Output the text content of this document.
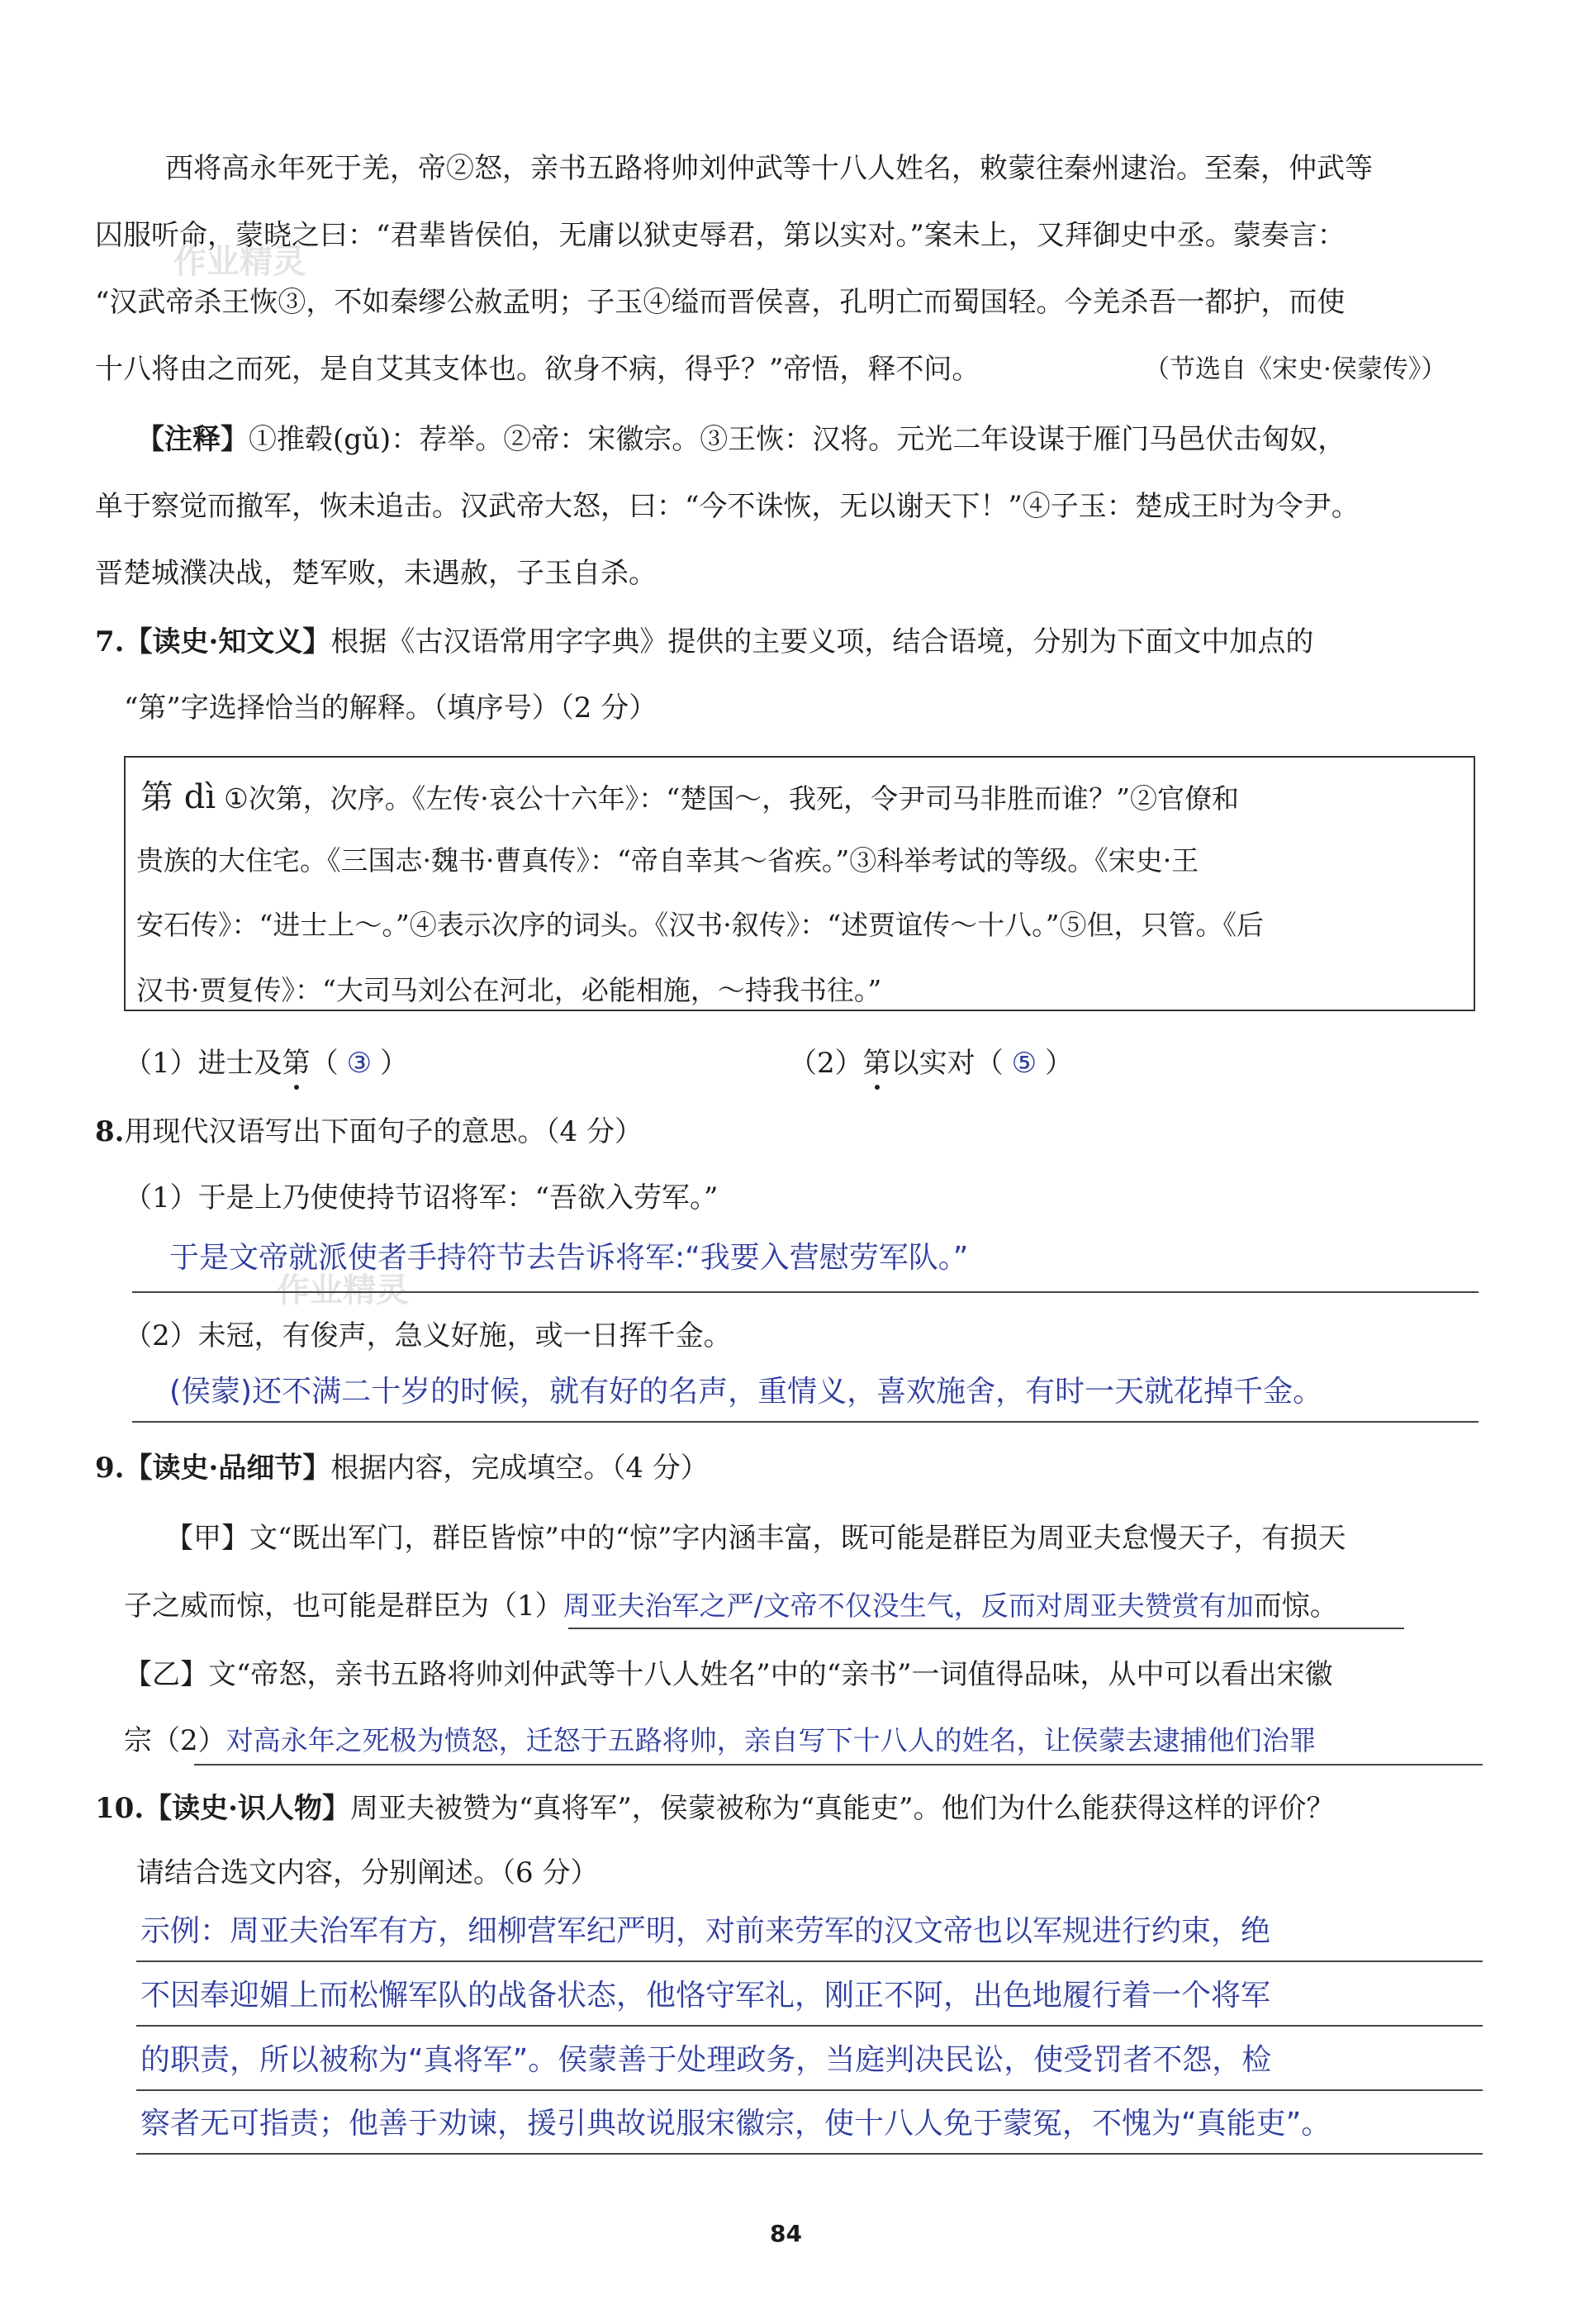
作业精灵
作业精灵
西将高永年死于羌，帝②怒，亲书五路将帅刘仲武等十八人姓名，敕蒙往秦州逮治。至秦，仲武等
囚服听命，蒙晓之曰：“君辈皆侯伯，无庸以狱吏辱君，第以实对。”案未上，又拜御史中丞。蒙奏言：
“汉武帝杀王恢③，不如秦缪公赦孟明；子玉④缢而晋侯喜，孔明亡而蜀国轻。今羌杀吾一都护，而使
十八将由之而死，是自艾其支体也。欲身不病，得乎？”帝悟，释不问。	（节选自《宋史·侯蒙传》）
【注释】①推毂(gǔ)：荐举。②帝：宋徽宗。③王恢：汉将。元光二年设谋于雁门马邑伏击匈奴，
单于察觉而撤军，恢未追击。汉武帝大怒，曰：“今不诛恢，无以谢天下！”④子玉：楚成王时为令尹。
晋楚城濮决战，楚军败，未遇赦，子玉自杀。
7.【读史·知文义】根据《古汉语常用字字典》提供的主要义项，结合语境，分别为下面文中加点的
“第”字选择恰当的解释。（填序号）（2 分）
第 dì ①次第，次序。《左传·哀公十六年》：“楚国～，我死，令尹司马非胜而谁？”②官僚和
贵族的大住宅。《三国志·魏书·曹真传》：“帝自幸其～省疾。”③科举考试的等级。《宋史·王
安石传》：“进士上～。”④表示次序的词头。《汉书·叙传》：“述贾谊传～十八。”⑤但，只管。《后
汉书·贾复传》：“大司马刘公在河北，必能相施，～持我书往。”
（1）进士及第（ ③ ）	（2）第以实对（ ⑤ ）
8.用现代汉语写出下面句子的意思。（4 分）
（1）于是上乃使使持节诏将军：“吾欲入劳军。”
于是文帝就派使者手持符节去告诉将军:“我要入营慰劳军队。”
（2）未冠，有俊声，急义好施，或一日挥千金。
(侯蒙)还不满二十岁的时候，就有好的名声，重情义，喜欢施舍，有时一天就花掉千金。
9.【读史·品细节】根据内容，完成填空。（4 分）
【甲】文“既出军门，群臣皆惊”中的“惊”字内涵丰富，既可能是群臣为周亚夫怠慢天子，有损天
子之威而惊，也可能是群臣为（1）周亚夫治军之严/文帝不仅没生气，反而对周亚夫赞赏有加而惊。
【乙】文“帝怒，亲书五路将帅刘仲武等十八人姓名”中的“亲书”一词值得品味，从中可以看出宋徽
宗（2）对高永年之死极为愤怒，迁怒于五路将帅，亲自写下十八人的姓名，让侯蒙去逮捕他们治罪
10.【读史·识人物】周亚夫被赞为“真将军”，侯蒙被称为“真能吏”。他们为什么能获得这样的评价？
请结合选文内容，分别阐述。（6 分）
示例：周亚夫治军有方，细柳营军纪严明，对前来劳军的汉文帝也以军规进行约束，绝
不因奉迎媚上而松懈军队的战备状态，他恪守军礼，刚正不阿，出色地履行着一个将军
的职责，所以被称为“真将军”。侯蒙善于处理政务，当庭判决民讼，使受罚者不怨，检
察者无可指责；他善于劝谏，援引典故说服宋徽宗，使十八人免于蒙冤，不愧为“真能吏”。
84
